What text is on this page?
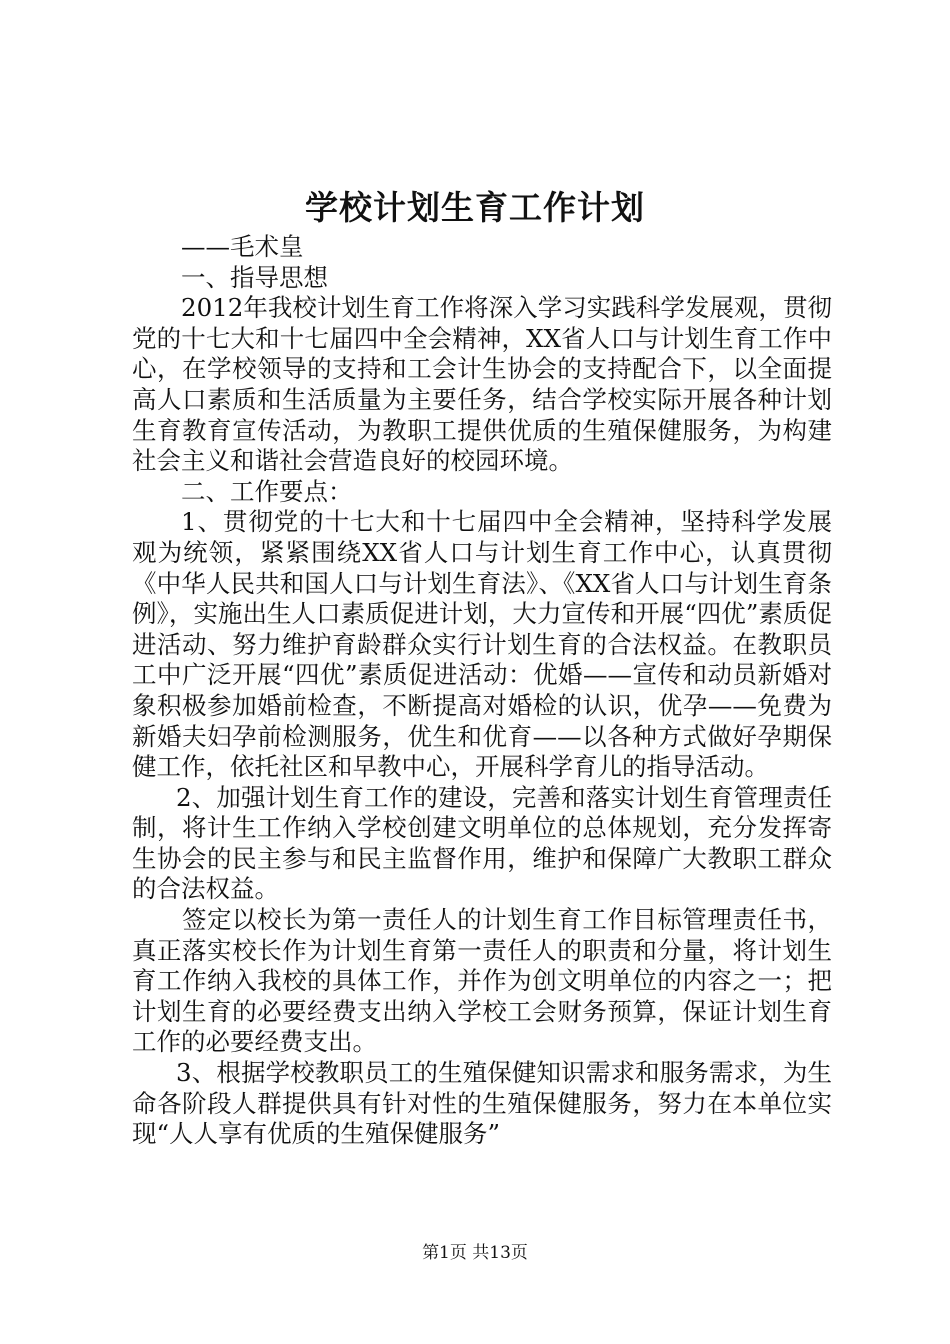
学校计划生育工作计划

——毛术皇

一、指导思想

2012年我校计划生育工作将深入学习实践科学发展观，贯彻党的十七大和十七届四中全会精神，XX省人口与计划生育工作中心，在学校领导的支持和工会计生协会的支持配合下，以全面提高人口素质和生活质量为主要任务，结合学校实际开展各种计划生育教育宣传活动，为教职工提供优质的生殖保健服务，为构建社会主义和谐社会营造良好的校园环境。

二、工作要点：

1、贯彻党的十七大和十七届四中全会精神，坚持科学发展观为统领，紧紧围绕XX省人口与计划生育工作中心，认真贯彻《中华人民共和国人口与计划生育法》、《XX省人口与计划生育条例》，实施出生人口素质促进计划，大力宣传和开展“四优”素质促进活动、努力维护育龄群众实行计划生育的合法权益。在教职员工中广泛开展“四优”素质促进活动：优婚——宣传和动员新婚对象积极参加婚前检查，不断提高对婚检的认识，优孕——免费为新婚夫妇孕前检测服务，优生和优育——以各种方式做好孕期保健工作，依托社区和早教中心，开展科学育儿的指导活动。

2、加强计划生育工作的建设，完善和落实计划生育管理责任制，将计生工作纳入学校创建文明单位的总体规划，充分发挥寄生协会的民主参与和民主监督作用，维护和保障广大教职工群众的合法权益。

签定以校长为第一责任人的计划生育工作目标管理责任书，真正落实校长作为计划生育第一责任人的职责和分量，将计划生育工作纳入我校的具体工作，并作为创文明单位的内容之一；把计划生育的必要经费支出纳入学校工会财务预算，保证计划生育工作的必要经费支出。

3、根据学校教职员工的生殖保健知识需求和服务需求，为生命各阶段人群提供具有针对性的生殖保健服务，努力在本单位实现“人人享有优质的生殖保健服务”

第1页 共13页
